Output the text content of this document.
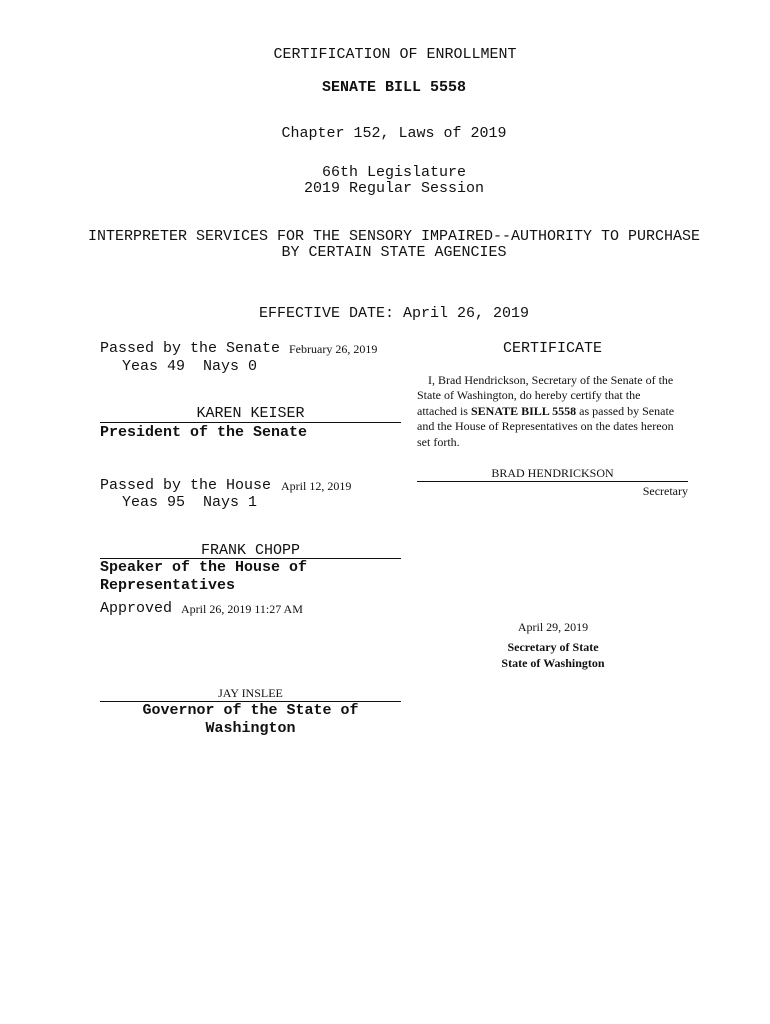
CERTIFICATION OF ENROLLMENT
SENATE BILL 5558
Chapter 152, Laws of 2019
66th Legislature
2019 Regular Session
INTERPRETER SERVICES FOR THE SENSORY IMPAIRED--AUTHORITY TO PURCHASE
BY CERTAIN STATE AGENCIES
EFFECTIVE DATE: April 26, 2019
Passed by the Senate February 26, 2019
Yeas 49  Nays 0
KAREN KEISER
President of the Senate
Passed by the House April 12, 2019
Yeas 95  Nays 1
FRANK CHOPP
Speaker of the House of
Representatives
Approved April 26, 2019 11:27 AM
JAY INSLEE
Governor of the State of
Washington
CERTIFICATE
I, Brad Hendrickson, Secretary of the Senate of the
State of Washington, do hereby certify that the
attached is SENATE BILL 5558 as passed by Senate
and the House of Representatives on the dates hereon
set forth.
BRAD HENDRICKSON
Secretary
April 29, 2019
Secretary of State
State of Washington
